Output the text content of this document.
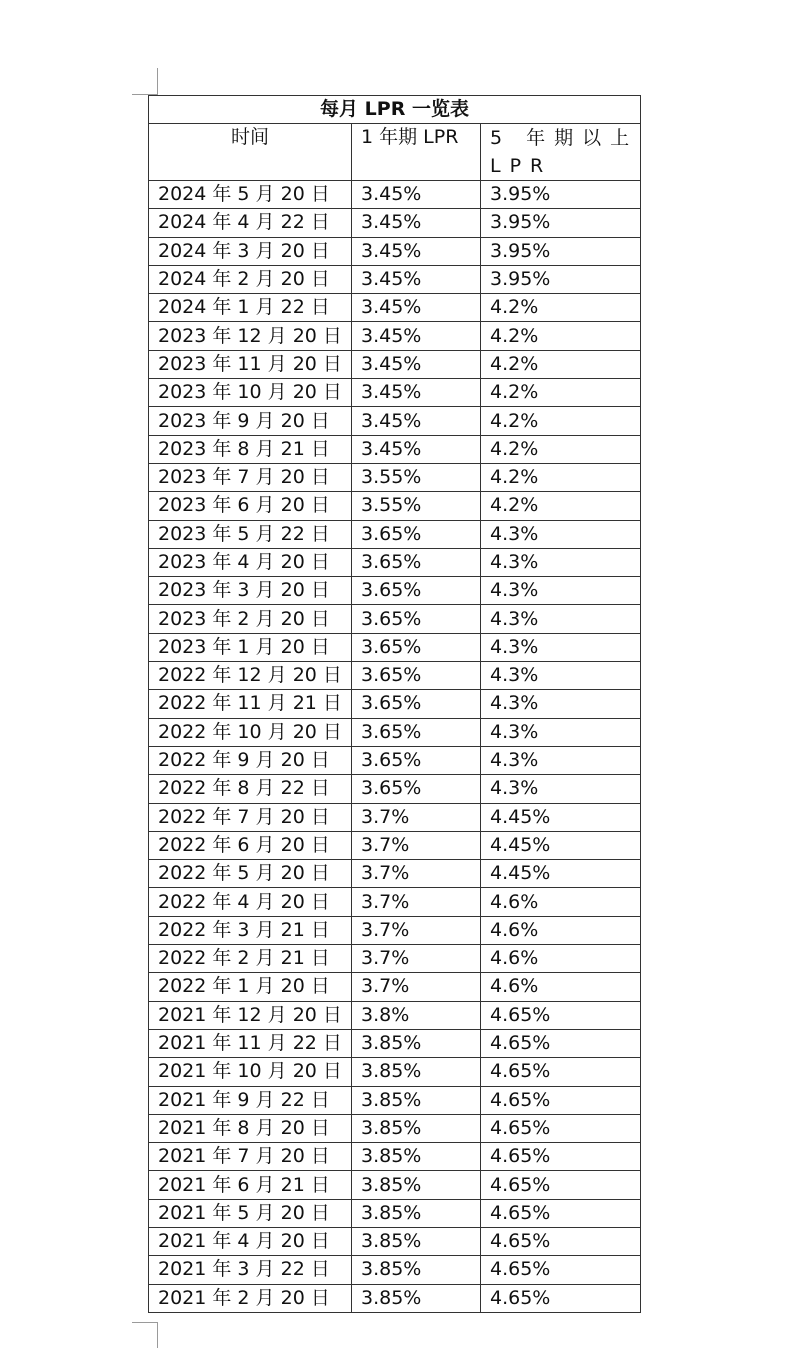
每月 LPR 一览表		
时间	1 年期 LPR	5 年期以上 LPR
2024 年 5 月 20 日	3.45%	3.95%
2024 年 4 月 22 日	3.45%	3.95%
2024 年 3 月 20 日	3.45%	3.95%
2024 年 2 月 20 日	3.45%	3.95%
2024 年 1 月 22 日	3.45%	4.2%
2023 年 12 月 20 日	3.45%	4.2%
2023 年 11 月 20 日	3.45%	4.2%
2023 年 10 月 20 日	3.45%	4.2%
2023 年 9 月 20 日	3.45%	4.2%
2023 年 8 月 21 日	3.45%	4.2%
2023 年 7 月 20 日	3.55%	4.2%
2023 年 6 月 20 日	3.55%	4.2%
2023 年 5 月 22 日	3.65%	4.3%
2023 年 4 月 20 日	3.65%	4.3%
2023 年 3 月 20 日	3.65%	4.3%
2023 年 2 月 20 日	3.65%	4.3%
2023 年 1 月 20 日	3.65%	4.3%
2022 年 12 月 20 日	3.65%	4.3%
2022 年 11 月 21 日	3.65%	4.3%
2022 年 10 月 20 日	3.65%	4.3%
2022 年 9 月 20 日	3.65%	4.3%
2022 年 8 月 22 日	3.65%	4.3%
2022 年 7 月 20 日	3.7%	4.45%
2022 年 6 月 20 日	3.7%	4.45%
2022 年 5 月 20 日	3.7%	4.45%
2022 年 4 月 20 日	3.7%	4.6%
2022 年 3 月 21 日	3.7%	4.6%
2022 年 2 月 21 日	3.7%	4.6%
2022 年 1 月 20 日	3.7%	4.6%
2021 年 12 月 20 日	3.8%	4.65%
2021 年 11 月 22 日	3.85%	4.65%
2021 年 10 月 20 日	3.85%	4.65%
2021 年 9 月 22 日	3.85%	4.65%
2021 年 8 月 20 日	3.85%	4.65%
2021 年 7 月 20 日	3.85%	4.65%
2021 年 6 月 21 日	3.85%	4.65%
2021 年 5 月 20 日	3.85%	4.65%
2021 年 4 月 20 日	3.85%	4.65%
2021 年 3 月 22 日	3.85%	4.65%
2021 年 2 月 20 日	3.85%	4.65%
